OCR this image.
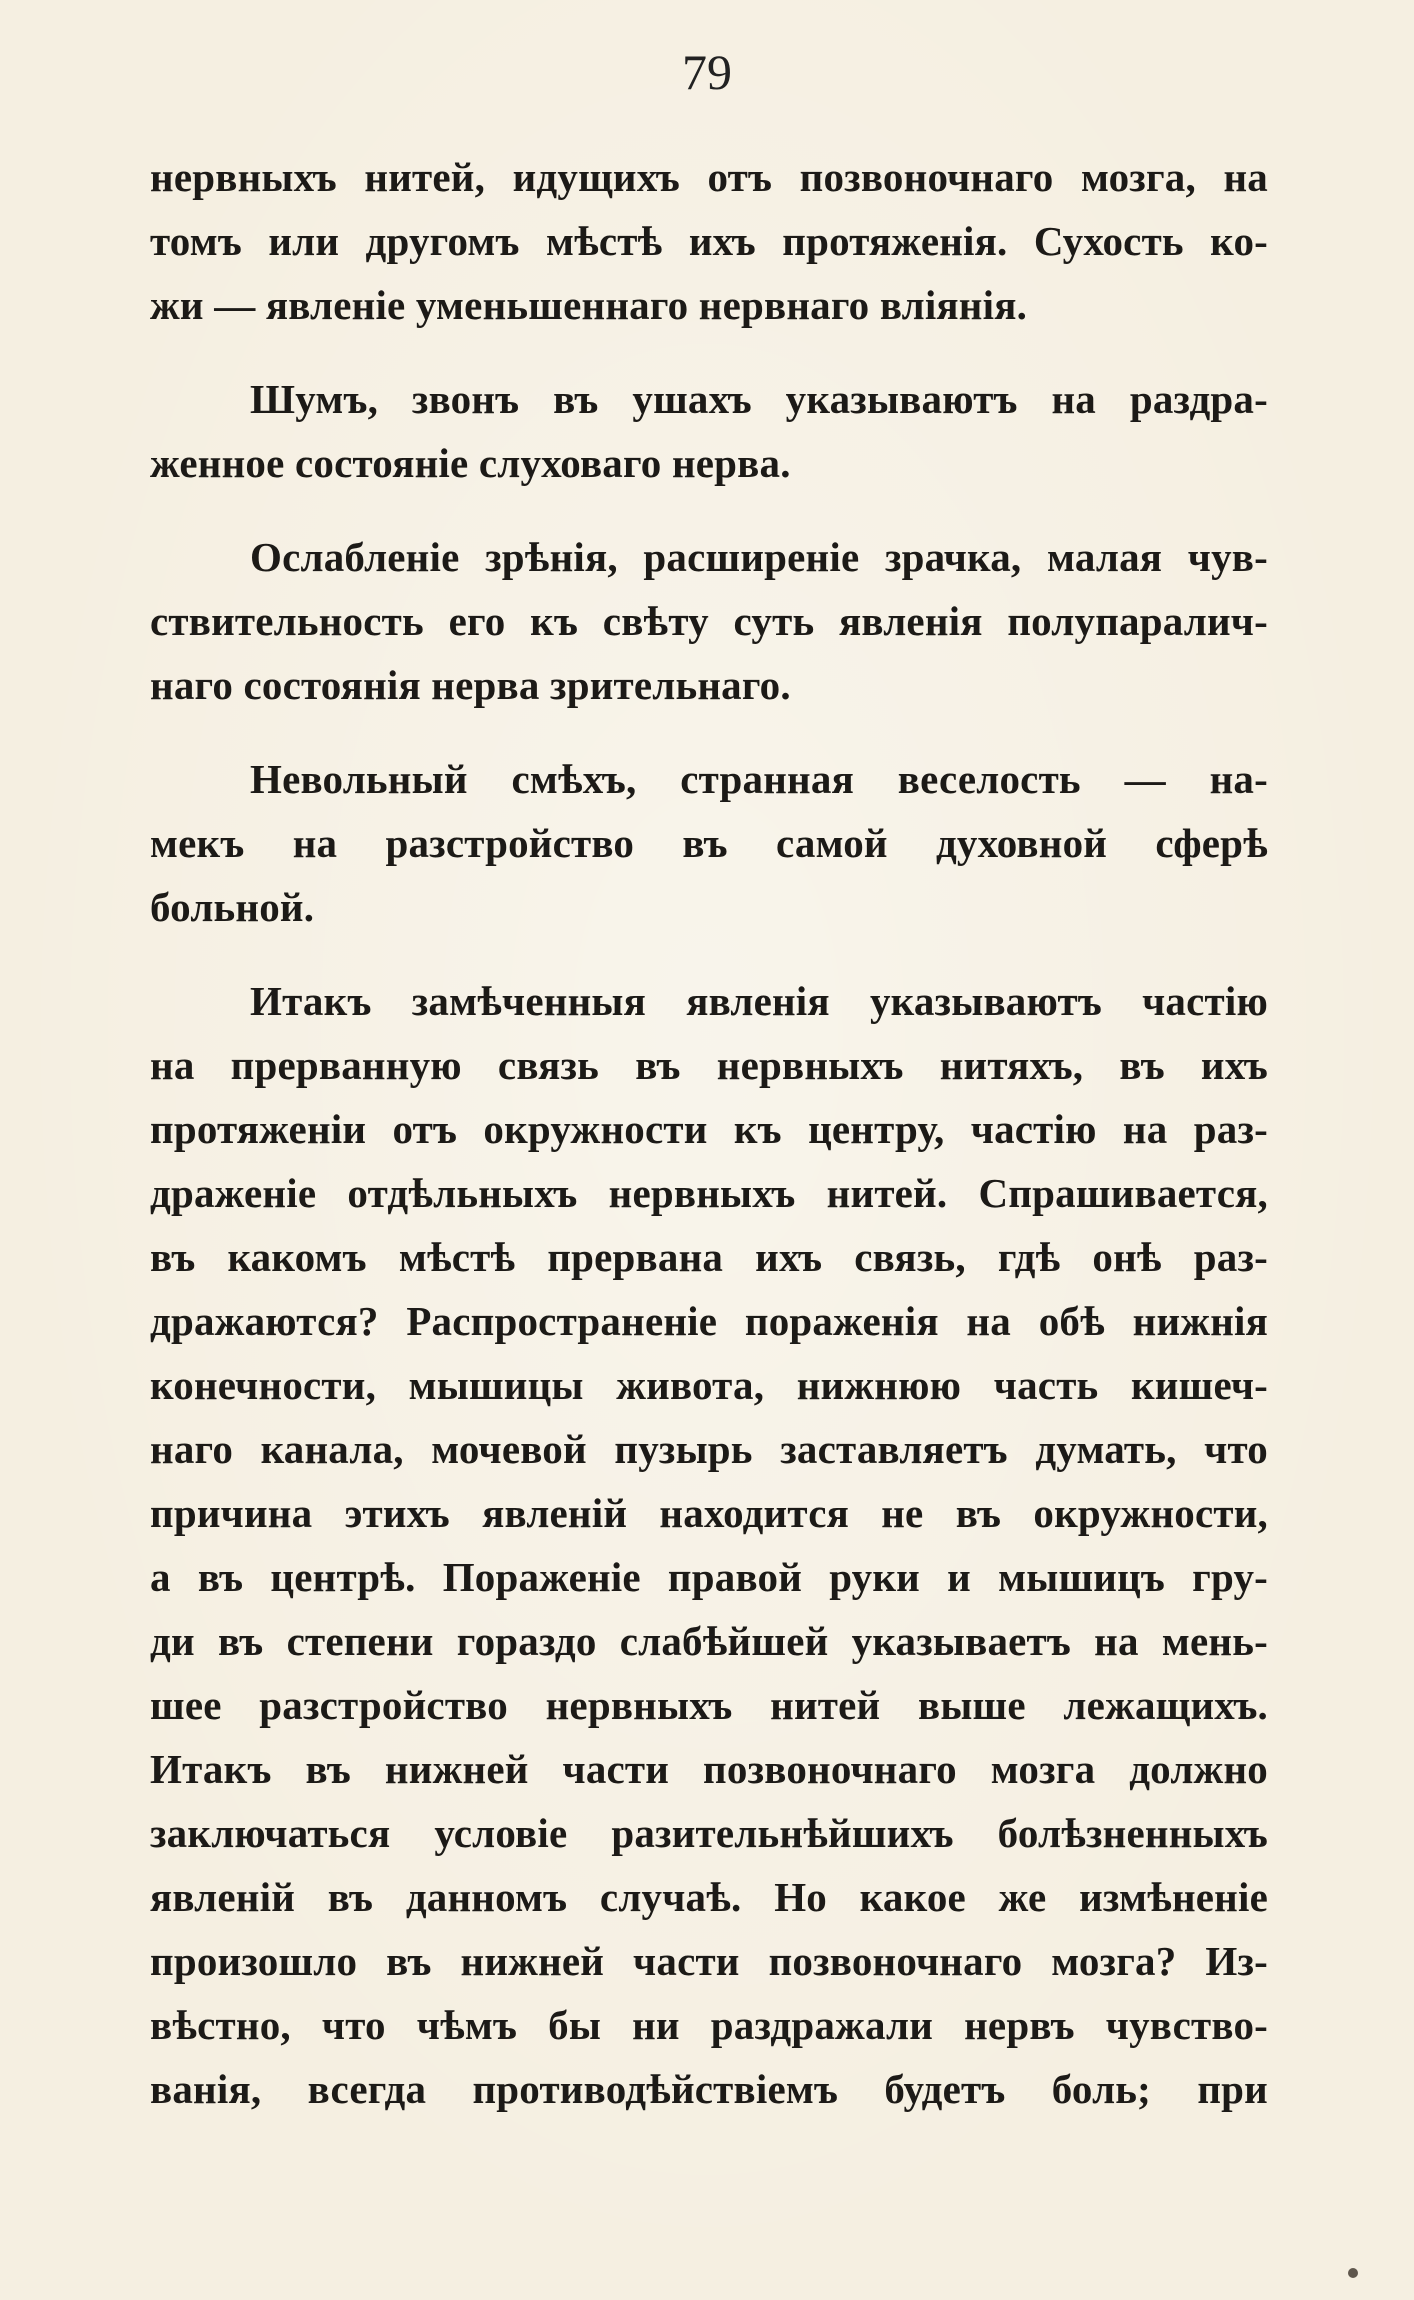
79
нервныхъ нитей, идущихъ отъ позвоночнаго мозга, на
томъ или другомъ мѣстѣ ихъ протяженія. Сухость ко-
жи — явленіе уменьшеннаго нервнаго вліянія.
Шумъ, звонъ въ ушахъ указываютъ на раздра-
женное состояніе слуховаго нерва.
Ослабленіе зрѣнія, расширеніе зрачка, малая чув-
ствительность его къ свѣту суть явленія полупаралич-
наго состоянія нерва зрительнаго.
Невольный смѣхъ, странная веселость — на-
мекъ на разстройство въ самой духовной сферѣ
больной.
Итакъ замѣченныя явленія указываютъ частію
на прерванную связь въ нервныхъ нитяхъ, въ ихъ
протяженіи отъ окружности къ центру, частію на раз-
драженіе отдѣльныхъ нервныхъ нитей. Спрашивается,
въ какомъ мѣстѣ прервана ихъ связь, гдѣ онѣ раз-
дражаются? Распространеніе пораженія на обѣ нижнія
конечности, мышицы живота, нижнюю часть кишеч-
наго канала, мочевой пузырь заставляетъ думать, что
причина этихъ явленій находится не въ окружности,
а въ центрѣ. Пораженіе правой руки и мышицъ гру-
ди въ степени гораздо слабѣйшей указываетъ на мень-
шее разстройство нервныхъ нитей выше лежащихъ.
Итакъ въ нижней части позвоночнаго мозга должно
заключаться условіе разительнѣйшихъ болѣзненныхъ
явленій въ данномъ случаѣ. Но какое же измѣненіе
произошло въ нижней части позвоночнаго мозга? Из-
вѣстно, что чѣмъ бы ни раздражали нервъ чувство-
ванія, всегда противодѣйствіемъ будетъ боль; при
